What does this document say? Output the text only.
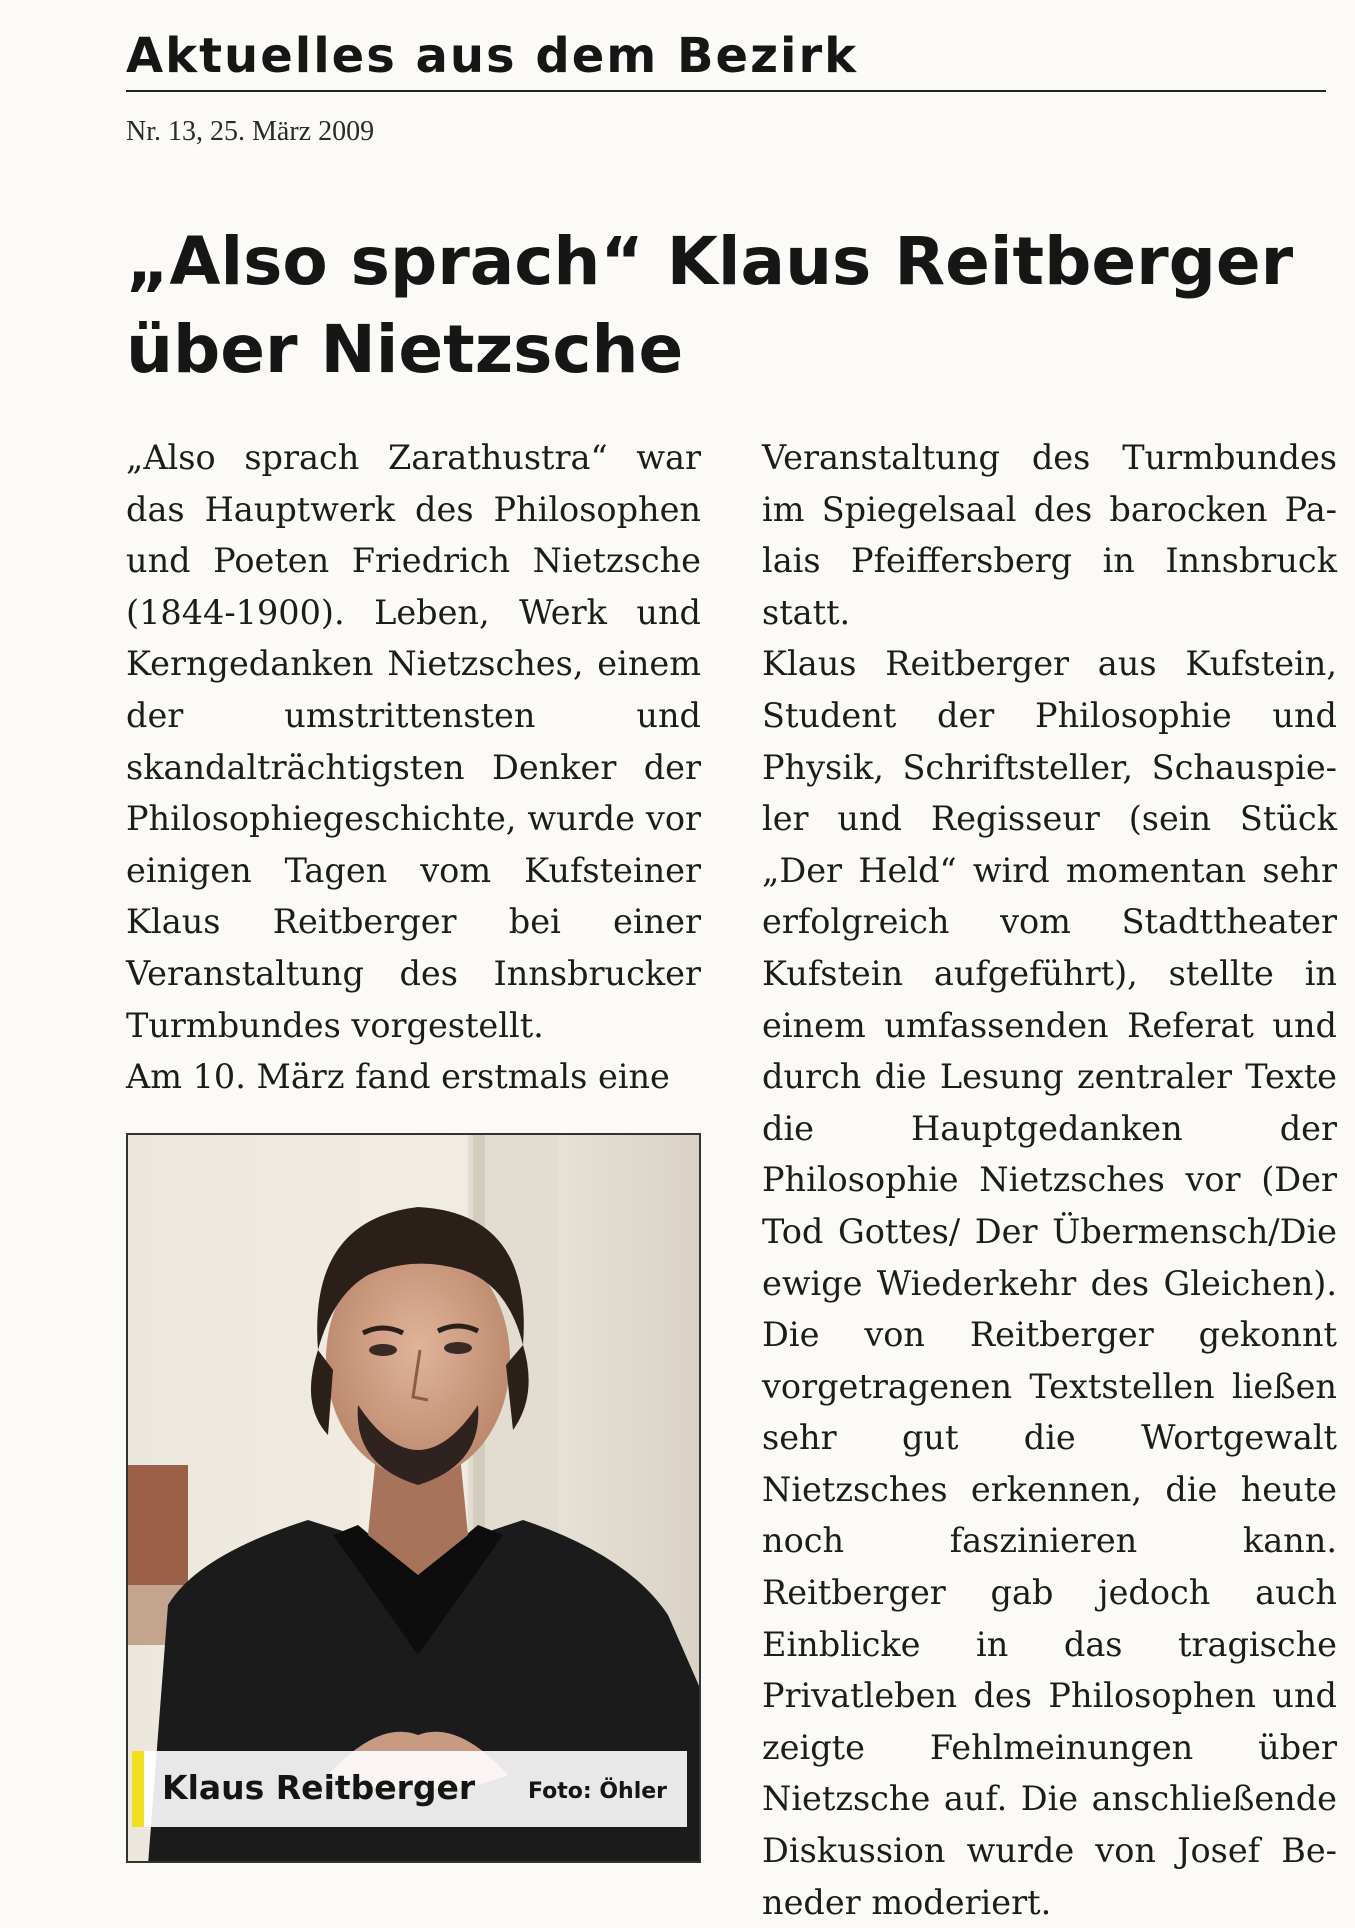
Aktuelles aus dem Bezirk
Nr. 13, 25. März 2009
„Also sprach“ Klaus Reitberger über Nietzsche

„Also sprach Zarathustra“ war das Hauptwerk des Philosophen und Poeten Friedrich Nietzsche (1844-1900). Leben, Werk und Kerngedanken Nietzsches, einem der umstrittensten und skandalträchtigsten Denker der Philosophiegeschichte, wurde vor einigen Tagen vom Kufsteiner Klaus Reitberger bei einer Veranstaltung des Innsbrucker Turmbundes vorgestellt.

Am 10. März fand erstmals eine

Klaus Reitberger Foto: Öhler

Veranstaltung des Turmbundes im Spiegelsaal des barocken Palais Pfeiffersberg in Innsbruck statt.

Klaus Reitberger aus Kufstein, Student der Philosophie und Physik, Schriftsteller, Schauspieler und Regisseur (sein Stück „Der Held“ wird momentan sehr erfolgreich vom Stadttheater Kufstein aufgeführt), stellte in einem umfassenden Referat und durch die Lesung zentraler Texte die Hauptgedanken der Philosophie Nietzsches vor (Der Tod Gottes/ Der Übermensch/Die ewige Wiederkehr des Gleichen). Die von Reitberger gekonnt vorgetragenen Textstellen ließen sehr gut die Wortgewalt Nietzsches erkennen, die heute noch faszinieren kann. Reitberger gab jedoch auch Einblicke in das tragische Privatleben des Philosophen und zeigte Fehlmeinungen über Nietzsche auf. Die anschließende Diskussion wurde von Josef Beneder moderiert.
